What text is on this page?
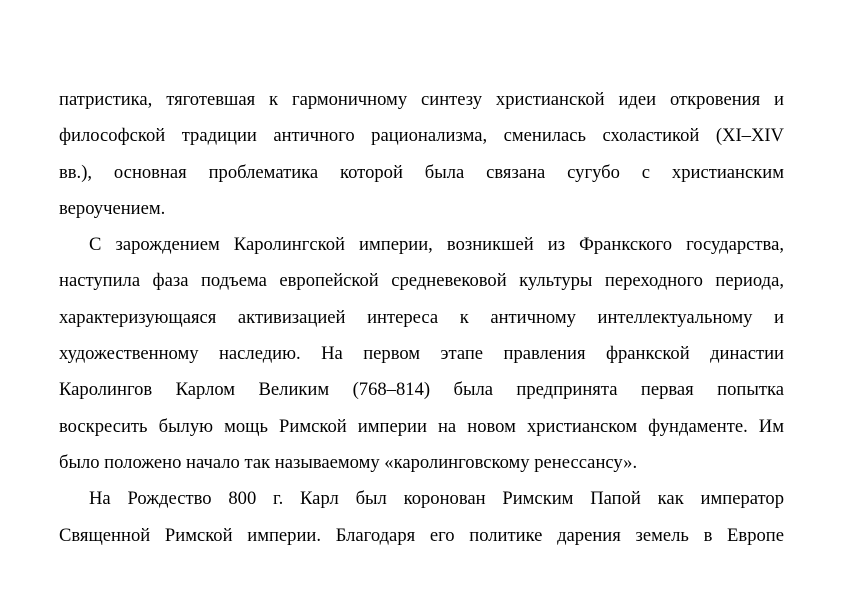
патристика, тяготевшая к гармоничному синтезу христианской идеи откровения и
философской традиции античного рационализма, сменилась схоластикой (XI–XIV
вв.), основная проблематика которой была связана сугубо с христианским
вероучением.
С зарождением Каролингской империи, возникшей из Франкского государства,
наступила фаза подъема европейской средневековой культуры переходного периода,
характеризующаяся активизацией интереса к античному интеллектуальному и
художественному наследию. На первом этапе правления франкской династии
Каролингов Карлом Великим (768–814) была предпринята первая попытка
воскресить былую мощь Римской империи на новом христианском фундаменте. Им
было положено начало так называемому «каролинговскому ренессансу».
На Рождество 800 г. Карл был коронован Римским Папой как император
Священной Римской империи. Благодаря его политике дарения земель в Европе
